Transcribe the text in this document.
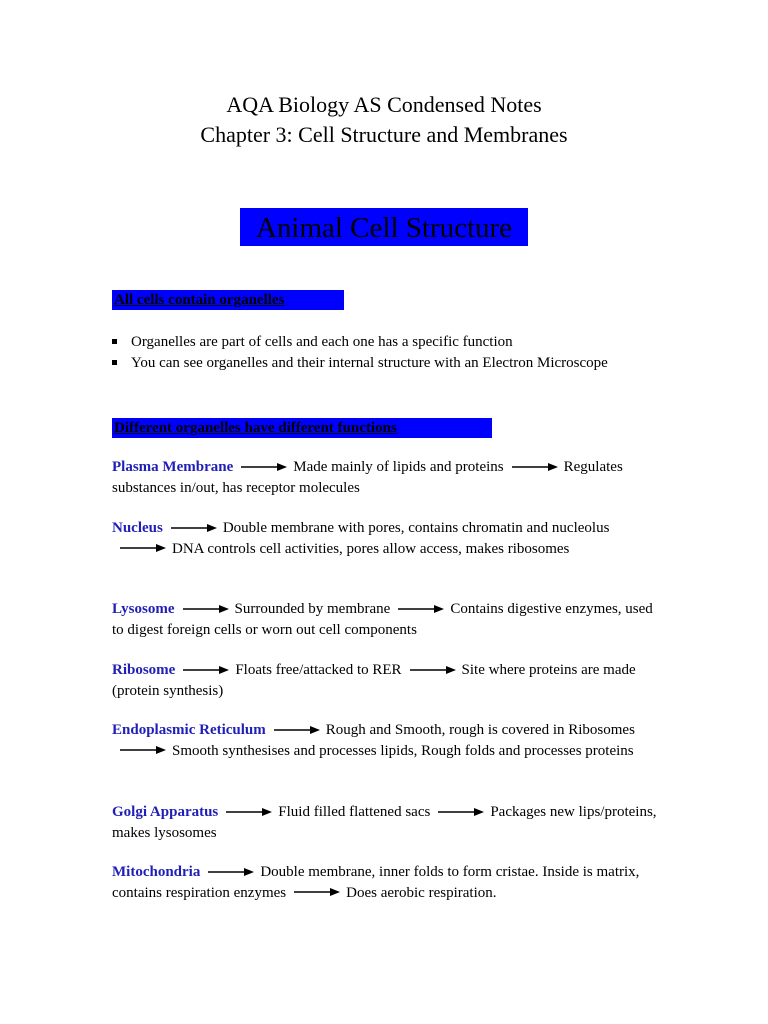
AQA Biology AS Condensed Notes
Chapter 3: Cell Structure and Membranes
Animal Cell Structure
All cells contain organelles
Organelles are part of cells and each one has a specific function
You can see organelles and their internal structure with an Electron Microscope
Different organelles have different functions
Plasma Membrane	Made mainly of lipids and proteins	Regulates substances in/out, has receptor molecules
Nucleus	Double membrane with pores, contains chromatin and nucleolus
DNA controls cell activities, pores allow access, makes ribosomes
Lysosome	Surrounded by membrane	Contains digestive enzymes, used to digest foreign cells or worn out cell components
Ribosome	Floats free/attacked to RER	Site where proteins are made (protein synthesis)
Endoplasmic Reticulum	Rough and Smooth, rough is covered in Ribosomes
Smooth synthesises and processes lipids, Rough folds and processes proteins
Golgi Apparatus	Fluid filled flattened sacs	Packages new lips/proteins, makes lysosomes
Mitochondria	Double membrane, inner folds to form cristae. Inside is matrix, contains respiration enzymes	Does aerobic respiration.
